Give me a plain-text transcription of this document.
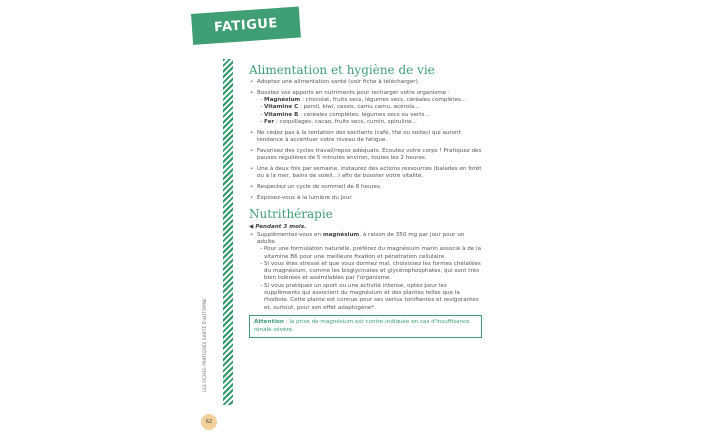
FATIGUE
LES FICHES PRATIQUES SANTÉ D'AUTOMNE
62
Alimentation et hygiène de vie
• Adoptez une alimentation santé (voir fiche à télécharger).
• Boostez vos apports en nutriments pour recharger votre organisme :
– Magnésium : chocolat, fruits secs, légumes secs, céréales complètes...
– Vitamine C : persil, kiwi, cassis, camu camu, acérola...
– Vitamine B : céréales complètes, légumes secs ou verts...
– Fer : coquillages, cacao, fruits secs, cumin, spiruline...
• Ne cédez pas à la tentation des excitants (café, thé ou sodas) qui auront tendance à accentuer votre niveau de fatigue.
• Favorisez des cycles travail/repos adéquats. Écoutez votre corps ! Pratiquez des pauses régulières de 5 minutes environ, toutes les 2 heures.
• Une à deux fois par semaine, instaurez des actions ressources (balades en forêt ou à la mer, bains de soleil...) afin de booster votre vitalité.
• Respectez un cycle de sommeil de 8 heures.
• Exposez-vous à la lumière du jour.
Nutrithérapie
◀ Pendant 3 mois.
• Supplémentez-vous en magnésium, à raison de 350 mg par jour pour un adulte.
– Pour une formulation naturelle, préférez du magnésium marin associé à de la vitamine B6 pour une meilleure fixation et pénétration cellulaire.
– Si vous êtes stressé et que vous dormez mal, choisissez les formes chélatées du magnésium, comme les bisglycinates et glycérophosphates, qui sont très bien tolérées et assimilables par l'organisme.
– Si vous pratiquez un sport ou une activité intense, optez pour les suppléments qui associent du magnésium et des plantes telles que la rhodiole. Cette plante est connue pour ses vertus tonifiantes et revigorantes et, surtout, pour son effet adaptogène*.
Attention : la prise de magnésium est contre-indiquée en cas d'insuffisance rénale sévère.
